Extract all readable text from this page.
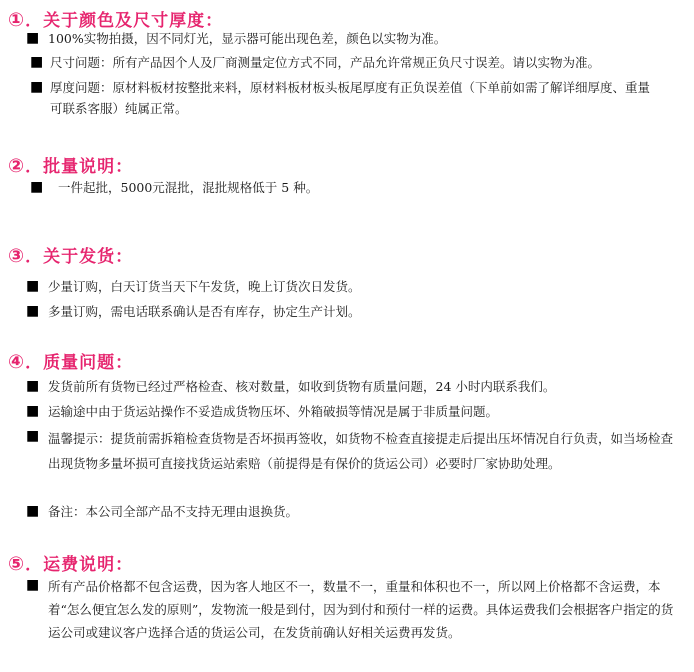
①．关于颜色及尺寸厚度：
■ 100%实物拍摄，因不同灯光，显示器可能出现色差，颜色以实物为准。
■ 尺寸问题：所有产品因个人及厂商测量定位方式不同，产品允许常规正负尺寸误差。请以实物为准。
■ 厚度问题：原材料板材按整批来料，原材料板材板头板尾厚度有正负误差值（下单前如需了解详细厚度、重量可联系客服）纯属正常。
②．批量说明：
■ 一件起批，5000元混批，混批规格低于 5 种。
③．关于发货：
■ 少量订购，白天订货当天下午发货，晚上订货次日发货。
■ 多量订购，需电话联系确认是否有库存，协定生产计划。
④．质量问题：
■ 发货前所有货物已经过严格检查、核对数量，如收到货物有质量问题，24 小时内联系我们。
■ 运输途中由于货运站操作不妥造成货物压坏、外箱破损等情况是属于非质量问题。
■ 温馨提示：提货前需拆箱检查货物是否坏损再签收，如货物不检查直接提走后提出压坏情况自行负责，如当场检查出现货物多量坏损可直接找货运站索赔（前提得是有保价的货运公司）必要时厂家协助处理。
■ 备注：本公司全部产品不支持无理由退换货。
⑤．运费说明：
■ 所有产品价格都不包含运费，因为客人地区不一，数量不一，重量和体积也不一，所以网上价格都不含运费，本着“怎么便宜怎么发的原则”，发物流一般是到付，因为到付和预付一样的运费。具体运费我们会根据客户指定的货运公司或建议客户选择合适的货运公司，在发货前确认好相关运费再发货。
